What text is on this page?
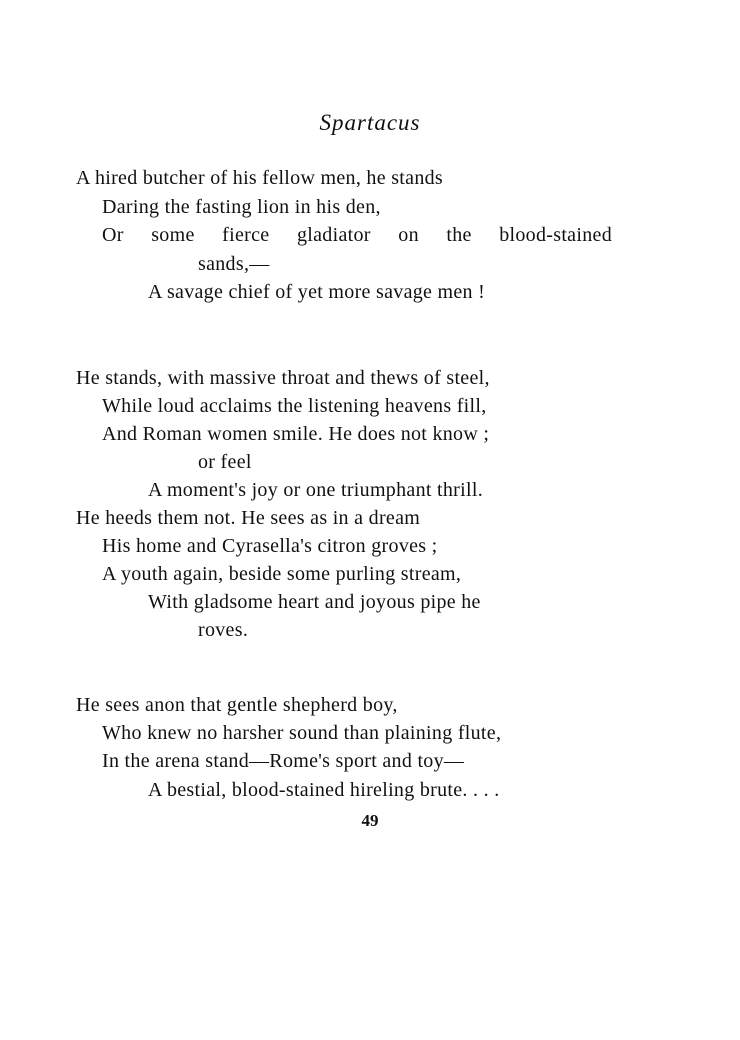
Spartacus
A hired butcher of his fellow men, he stands
Daring the fasting lion in his den,
Or some fierce gladiator on the blood-stained
sands,—
A savage chief of yet more savage men !
He stands, with massive throat and thews of steel,
While loud acclaims the listening heavens fill,
And Roman women smile. He does not know ;
or feel
A moment's joy or one triumphant thrill.
He heeds them not. He sees as in a dream
His home and Cyrasella's citron groves ;
A youth again, beside some purling stream,
With gladsome heart and joyous pipe he
roves.
He sees anon that gentle shepherd boy,
Who knew no harsher sound than plaining flute,
In the arena stand—Rome's sport and toy—
A bestial, blood-stained hireling brute. . . .
49
